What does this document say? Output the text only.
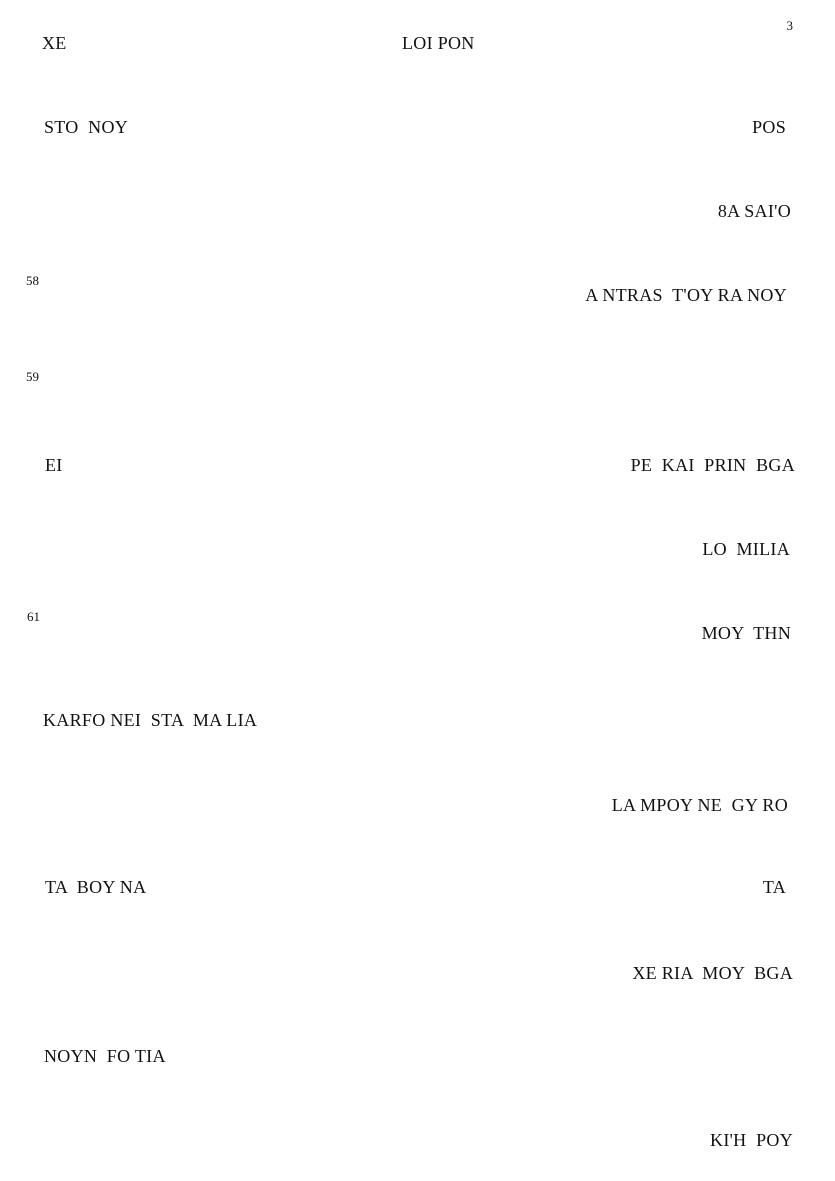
3
XE	LOI PON
STO  NOY	POS
8A SAI'O
58
A NTRAS  T'OY RA NOY
59
EI	PE  KAI  PRIN  BGA
LO  MILIA
61
MOY  THN
KARFO NEI  STA  MA LIA
LA MPOY NE  GY RO
TA  BOY NA	TA
XE RIA  MOY  BGA
NOYN  FO TIA
KI'H  POY
